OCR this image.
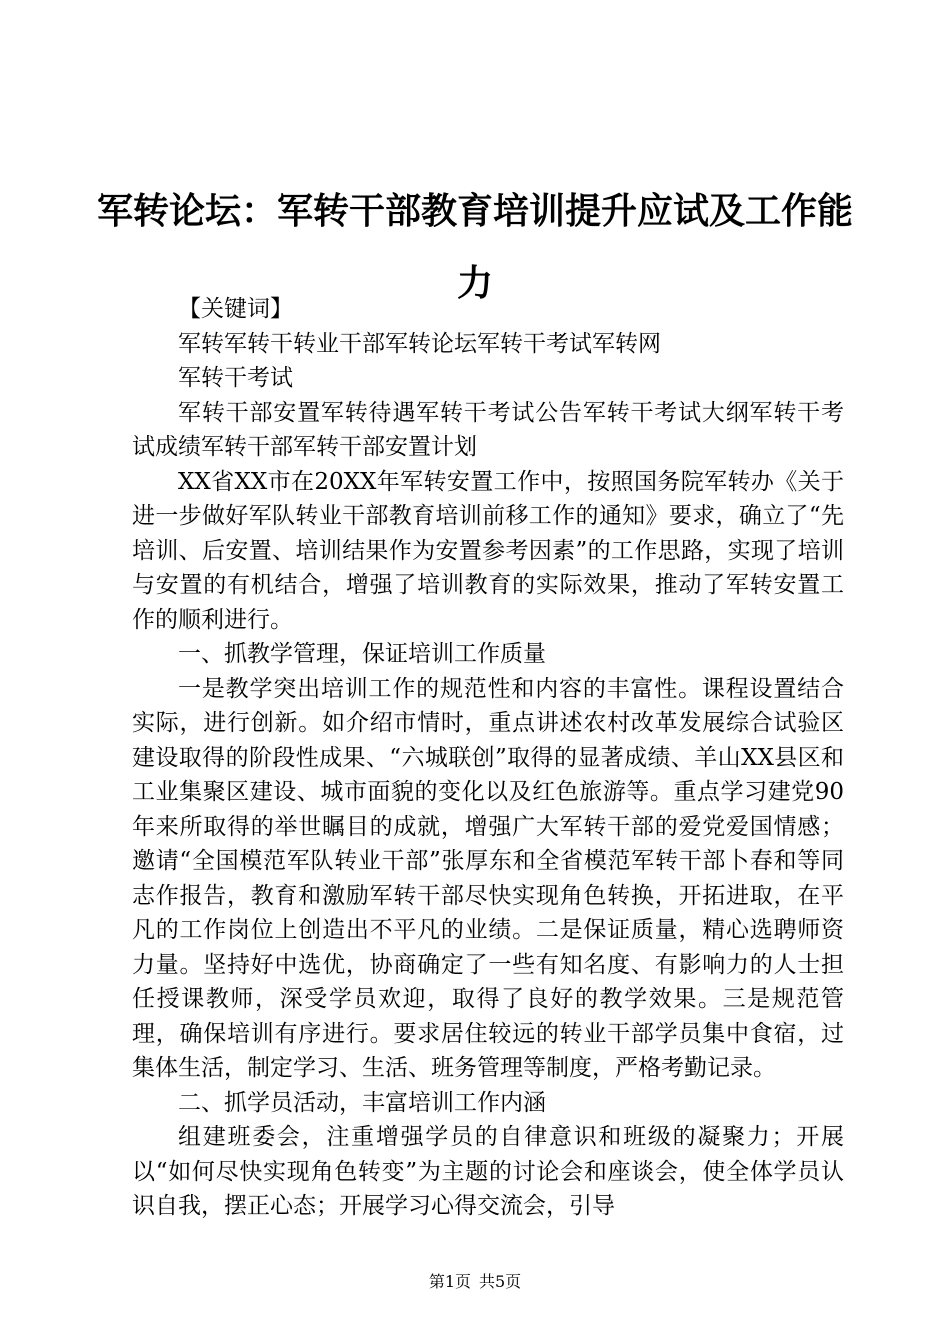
军转论坛：军转干部教育培训提升应试及工作能力

【关键词】

军转军转干转业干部军转论坛军转干考试军转网

军转干考试

军转干部安置军转待遇军转干考试公告军转干考试大纲军转干考试成绩军转干部军转干部安置计划

XX省XX市在20XX年军转安置工作中，按照国务院军转办《关于进一步做好军队转业干部教育培训前移工作的通知》要求，确立了“先培训、后安置、培训结果作为安置参考因素”的工作思路，实现了培训与安置的有机结合，增强了培训教育的实际效果，推动了军转安置工作的顺利进行。

一、抓教学管理，保证培训工作质量

一是教学突出培训工作的规范性和内容的丰富性。课程设置结合实际，进行创新。如介绍市情时，重点讲述农村改革发展综合试验区建设取得的阶段性成果、“六城联创”取得的显著成绩、羊山XX县区和工业集聚区建设、城市面貌的变化以及红色旅游等。重点学习建党90年来所取得的举世瞩目的成就，增强广大军转干部的爱党爱国情感；邀请“全国模范军队转业干部”张厚东和全省模范军转干部卜春和等同志作报告，教育和激励军转干部尽快实现角色转换，开拓进取，在平凡的工作岗位上创造出不平凡的业绩。二是保证质量，精心选聘师资力量。坚持好中选优，协商确定了一些有知名度、有影响力的人士担任授课教师，深受学员欢迎，取得了良好的教学效果。三是规范管理，确保培训有序进行。要求居住较远的转业干部学员集中食宿，过集体生活，制定学习、生活、班务管理等制度，严格考勤记录。

二、抓学员活动，丰富培训工作内涵

组建班委会，注重增强学员的自律意识和班级的凝聚力；开展以“如何尽快实现角色转变”为主题的讨论会和座谈会，使全体学员认识自我，摆正心态；开展学习心得交流会，引导

第1页 共5页
